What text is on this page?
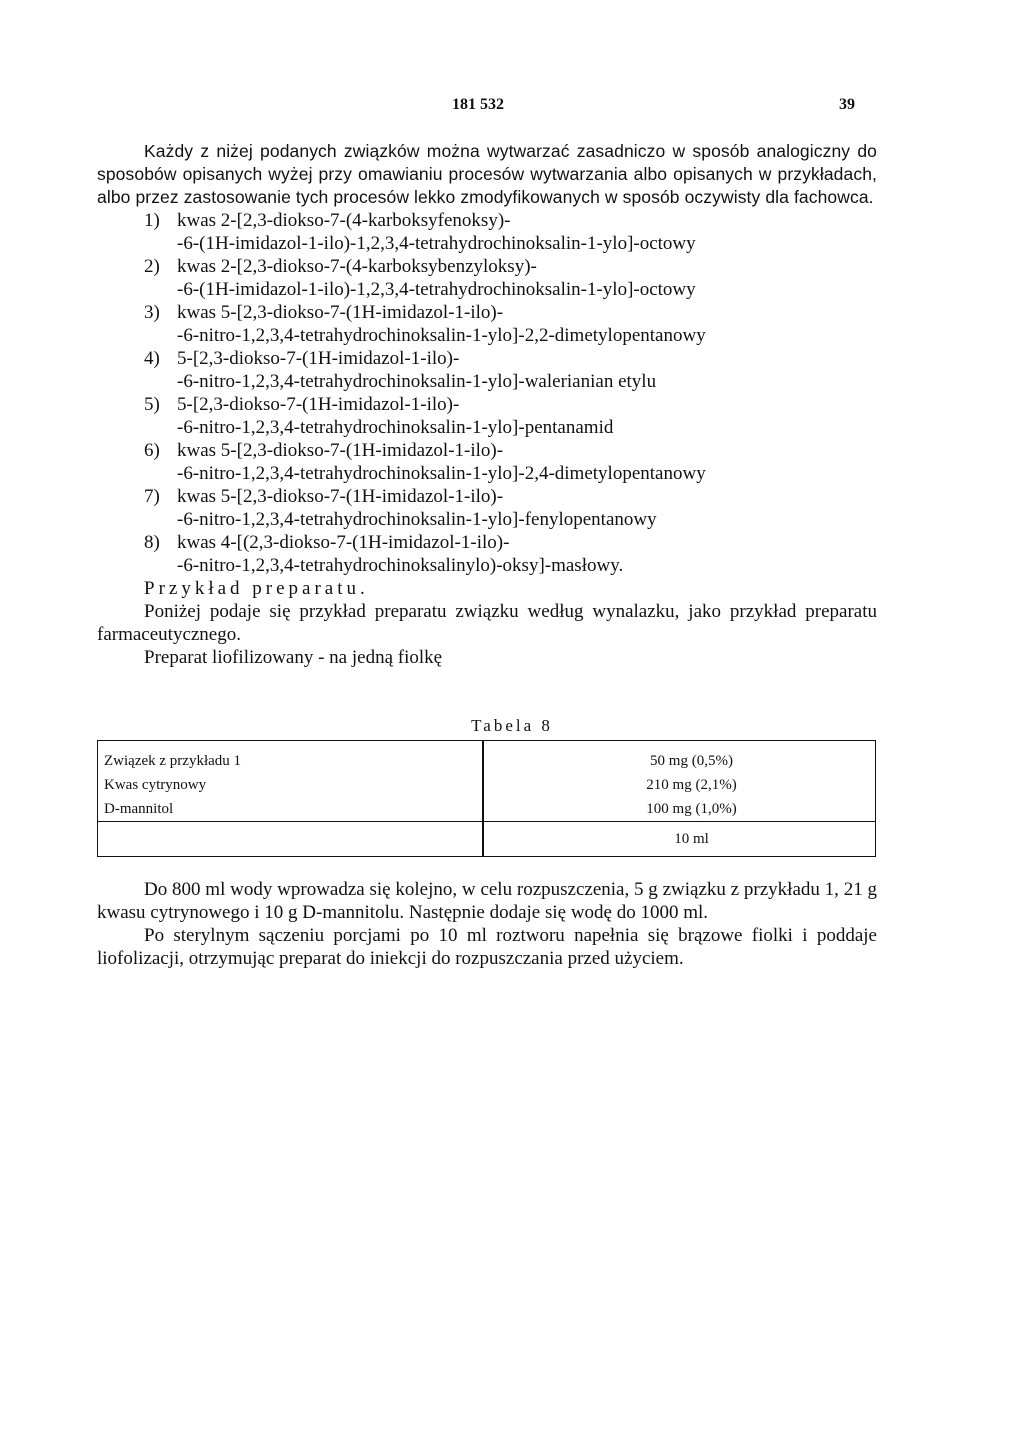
181 532	39

Każdy z niżej podanych związków można wytwarzać zasadniczo w sposób analogiczny do sposobów opisanych wyżej przy omawianiu procesów wytwarzania albo opisanych w przykładach, albo przez zastosowanie tych procesów lekko zmodyfikowanych w sposób oczywisty dla fachowca.

1) kwas 2-[2,3-diokso-7-(4-karboksyfenoksy)-
-6-(1H-imidazol-1-ilo)-1,2,3,4-tetrahydrochinoksalin-1-ylo]-octowy
2) kwas 2-[2,3-diokso-7-(4-karboksybenzyloksy)-
-6-(1H-imidazol-1-ilo)-1,2,3,4-tetrahydrochinoksalin-1-ylo]-octowy
3) kwas 5-[2,3-diokso-7-(1H-imidazol-1-ilo)-
-6-nitro-1,2,3,4-tetrahydrochinoksalin-1-ylo]-2,2-dimetylopentanowy
4) 5-[2,3-diokso-7-(1H-imidazol-1-ilo)-
-6-nitro-1,2,3,4-tetrahydrochinoksalin-1-ylo]-walerianian etylu
5) 5-[2,3-diokso-7-(1H-imidazol-1-ilo)-
-6-nitro-1,2,3,4-tetrahydrochinoksalin-1-ylo]-pentanamid
6) kwas 5-[2,3-diokso-7-(1H-imidazol-1-ilo)-
-6-nitro-1,2,3,4-tetrahydrochinoksalin-1-ylo]-2,4-dimetylopentanowy
7) kwas 5-[2,3-diokso-7-(1H-imidazol-1-ilo)-
-6-nitro-1,2,3,4-tetrahydrochinoksalin-1-ylo]-fenylopentanowy
8) kwas 4-[(2,3-diokso-7-(1H-imidazol-1-ilo)-
-6-nitro-1,2,3,4-tetrahydrochinoksalinylo)-oksy]-masłowy.

Przykład preparatu.

Poniżej podaje się przykład preparatu związku według wynalazku, jako przykład preparatu farmaceutycznego.

Preparat liofilizowany - na jedną fiolkę

Tabela 8
Związek z przykładu 1	50 mg (0,5%)
Kwas cytrynowy	210 mg (2,1%)
D-mannitol	100 mg (1,0%)
	10 ml

Do 800 ml wody wprowadza się kolejno, w celu rozpuszczenia, 5 g związku z przykładu 1, 21 g kwasu cytrynowego i 10 g D-mannitolu. Następnie dodaje się wodę do 1000 ml.

Po sterylnym sączeniu porcjami po 10 ml roztworu napełnia się brązowe fiolki i poddaje liofolizacji, otrzymując preparat do iniekcji do rozpuszczania przed użyciem.
